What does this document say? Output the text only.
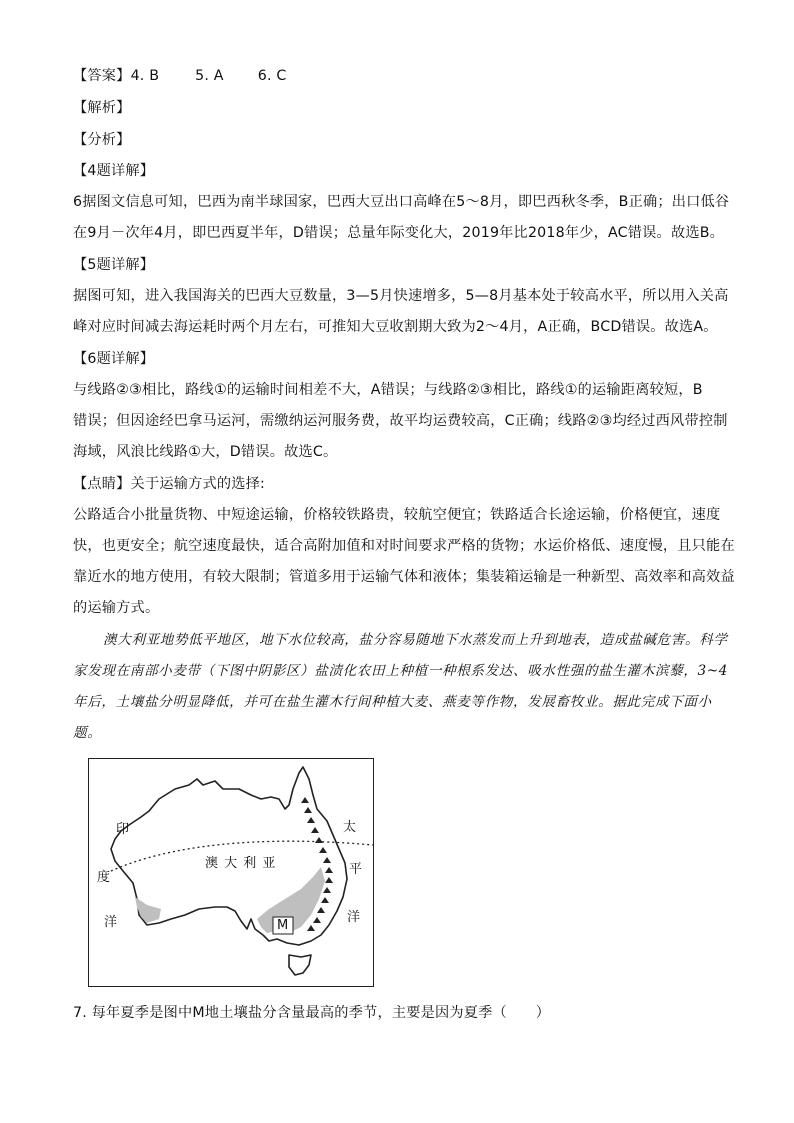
【答案】4. B	5. A 6. C
【解析】
【分析】
【4题详解】
6据图文信息可知，巴西为南半球国家，巴西大豆出口高峰在5～8月，即巴西秋冬季，B正确；出口低谷
在9月－次年4月，即巴西夏半年，D错误；总量年际变化大，2019年比2018年少，AC错误。故选B。
【5题详解】
据图可知，进入我国海关的巴西大豆数量，3—5月快速增多，5—8月基本处于较高水平，所以用入关高
峰对应时间减去海运耗时两个月左右，可推知大豆收割期大致为2～4月，A正确，BCD错误。故选A。
【6题详解】
与线路②③相比，路线①的运输时间相差不大，A错误；与线路②③相比，路线①的运输距离较短，B
错误；但因途经巴拿马运河，需缴纳运河服务费，故平均运费较高，C正确；线路②③均经过西风带控制
海域，风浪比线路①大，D错误。故选C。
【点睛】关于运输方式的选择:
公路适合小批量货物、中短途运输，价格较铁路贵，较航空便宜；铁路适合长途运输，价格便宜，速度
快，也更安全；航空速度最快，适合高附加值和对时间要求严格的货物；水运价格低、速度慢，且只能在
靠近水的地方使用，有较大限制；管道多用于运输气体和液体；集装箱运输是一种新型、高效率和高效益
的运输方式。
澳大利亚地势低平地区，地下水位较高，盐分容易随地下水蒸发而上升到地表，造成盐碱危害。科学
家发现在南部小麦带（下图中阴影区）盐渍化农田上种植一种根系发达、吸水性强的盐生灌木滨藜，3~4
年后，土壤盐分明显降低，并可在盐生灌木行间种植大麦、燕麦等作物，发展畜牧业。据此完成下面小
题。
印
度
洋
太
平
洋
澳 大 利 亚
M
7. 每年夏季是图中M地土壤盐分含量最高的季节，主要是因为夏季（　　）
